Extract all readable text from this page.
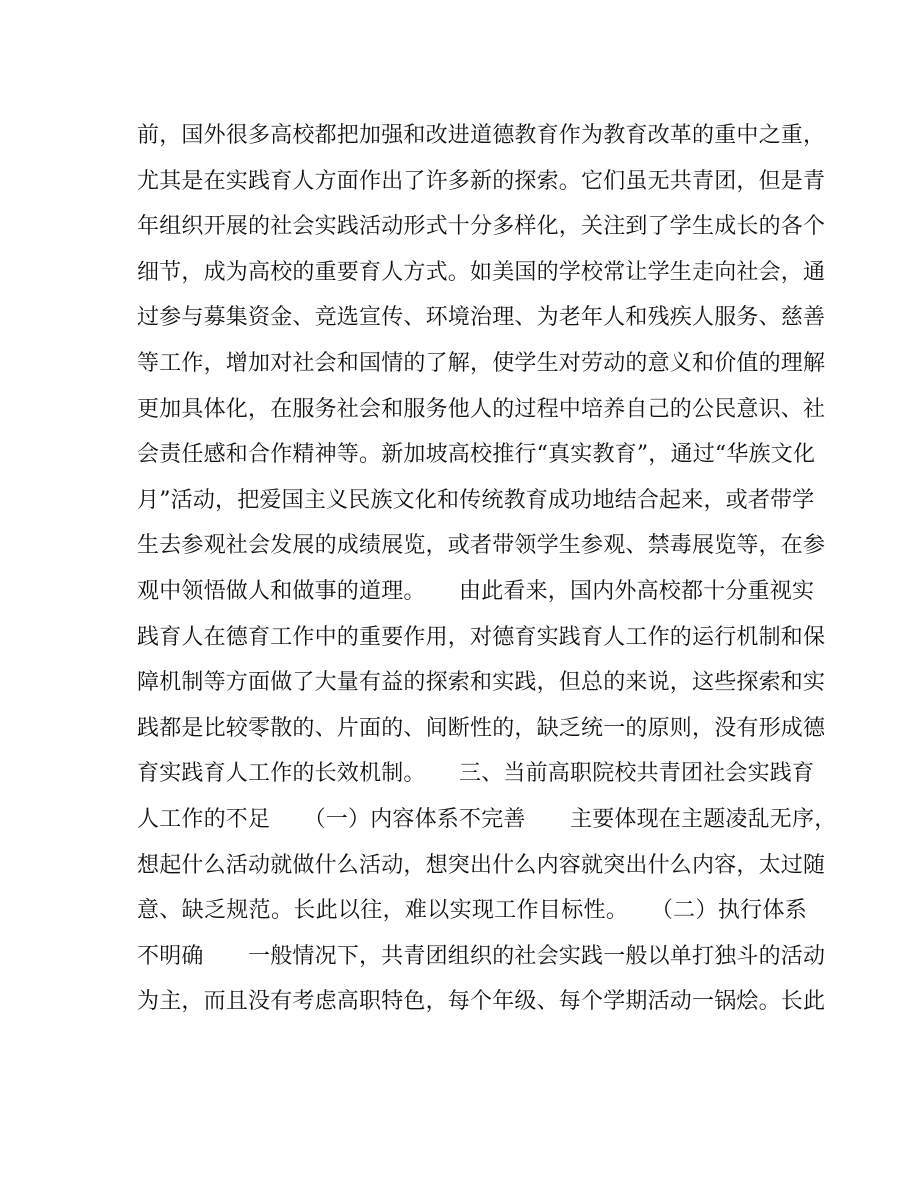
前，国外很多高校都把加强和改进道德教育作为教育改革的重中之重，
尤其是在实践育人方面作出了许多新的探索。它们虽无共青团，但是青
年组织开展的社会实践活动形式十分多样化，关注到了学生成长的各个
细节，成为高校的重要育人方式。如美国的学校常让学生走向社会，通
过参与募集资金、竞选宣传、环境治理、为老年人和残疾人服务、慈善
等工作，增加对社会和国情的了解，使学生对劳动的意义和价值的理解
更加具体化，在服务社会和服务他人的过程中培养自己的公民意识、社
会责任感和合作精神等。新加坡高校推行“真实教育”，通过“华族文化
月”活动，把爱国主义民族文化和传统教育成功地结合起来，或者带学
生去参观社会发展的成绩展览，或者带领学生参观、禁毒展览等，在参
观中领悟做人和做事的道理。　　由此看来，国内外高校都十分重视实
践育人在德育工作中的重要作用，对德育实践育人工作的运行机制和保
障机制等方面做了大量有益的探索和实践，但总的来说，这些探索和实
践都是比较零散的、片面的、间断性的，缺乏统一的原则，没有形成德
育实践育人工作的长效机制。　　三、当前高职院校共青团社会实践育
人工作的不足　　（一）内容体系不完善　　主要体现在主题凌乱无序，
想起什么活动就做什么活动，想突出什么内容就突出什么内容，太过随
意、缺乏规范。长此以往，难以实现工作目标性。　　（二）执行体系
不明确　　一般情况下，共青团组织的社会实践一般以单打独斗的活动
为主，而且没有考虑高职特色，每个年级、每个学期活动一锅烩。长此
